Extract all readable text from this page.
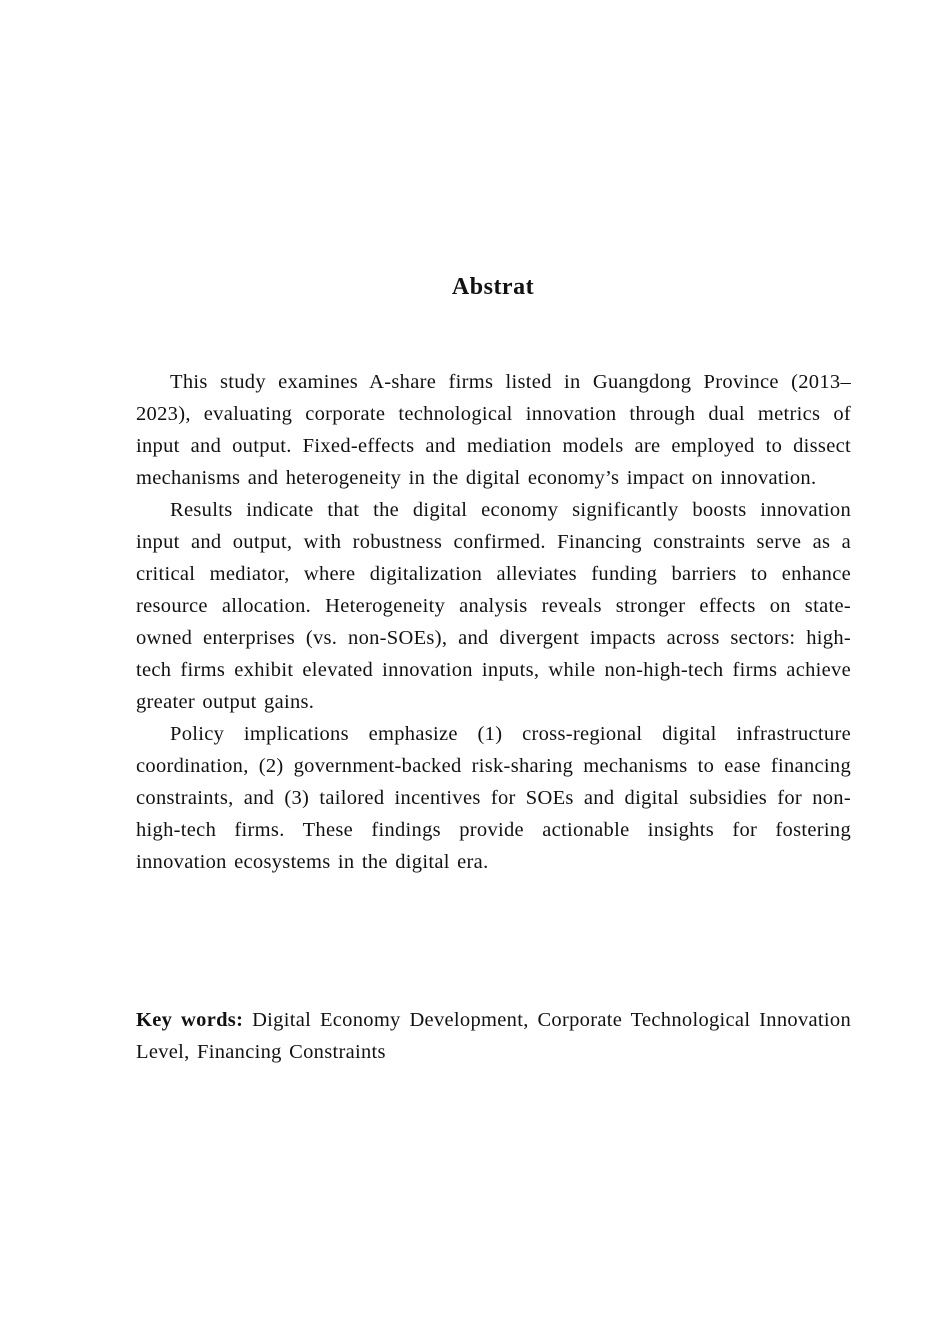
Abstrat

This study examines A-share firms listed in Guangdong Province (2013–2023), evaluating corporate technological innovation through dual metrics of input and output. Fixed-effects and mediation models are employed to dissect mechanisms and heterogeneity in the digital economy’s impact on innovation.

Results indicate that the digital economy significantly boosts innovation input and output, with robustness confirmed. Financing constraints serve as a critical mediator, where digitalization alleviates funding barriers to enhance resource allocation. Heterogeneity analysis reveals stronger effects on state-owned enterprises (vs. non-SOEs), and divergent impacts across sectors: high-tech firms exhibit elevated innovation inputs, while non-high-tech firms achieve greater output gains.

Policy implications emphasize (1) cross-regional digital infrastructure coordination, (2) government-backed risk-sharing mechanisms to ease financing constraints, and (3) tailored incentives for SOEs and digital subsidies for non-high-tech firms. These findings provide actionable insights for fostering innovation ecosystems in the digital era.

Key words: Digital Economy Development, Corporate Technological Innovation Level, Financing Constraints
